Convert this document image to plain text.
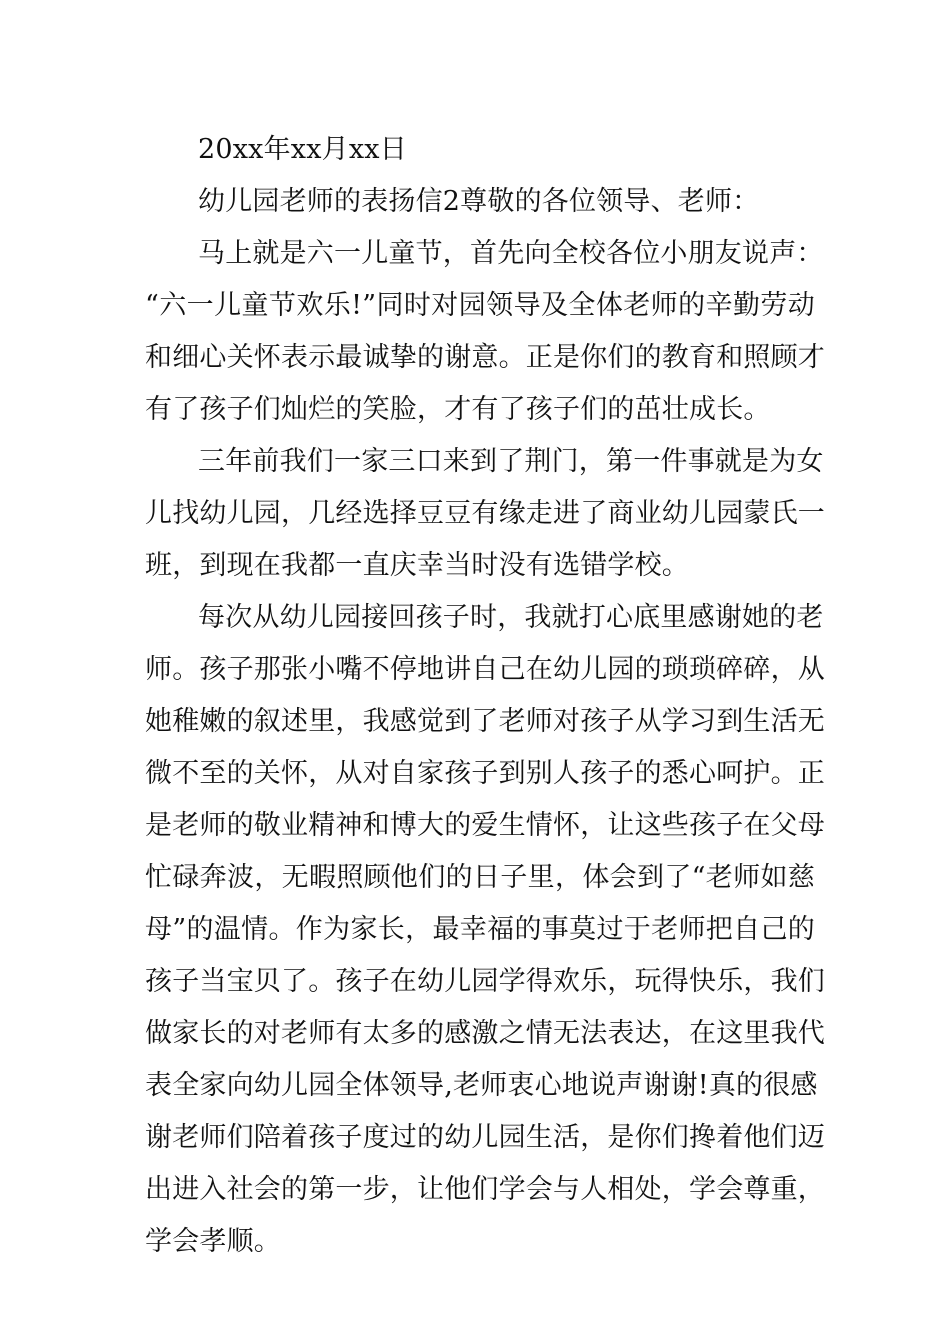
20xx年xx月xx日
幼儿园老师的表扬信2尊敬的各位领导、老师：
马上就是六一儿童节，首先向全校各位小朋友说声：
“六一儿童节欢乐!”同时对园领导及全体老师的辛勤劳动
和细心关怀表示最诚挚的谢意。正是你们的教育和照顾才
有了孩子们灿烂的笑脸，才有了孩子们的茁壮成长。
三年前我们一家三口来到了荆门，第一件事就是为女
儿找幼儿园，几经选择豆豆有缘走进了商业幼儿园蒙氏一
班，到现在我都一直庆幸当时没有选错学校。
每次从幼儿园接回孩子时，我就打心底里感谢她的老
师。孩子那张小嘴不停地讲自己在幼儿园的琐琐碎碎，从
她稚嫩的叙述里，我感觉到了老师对孩子从学习到生活无
微不至的关怀，从对自家孩子到别人孩子的悉心呵护。正
是老师的敬业精神和博大的爱生情怀，让这些孩子在父母
忙碌奔波，无暇照顾他们的日子里，体会到了“老师如慈
母”的温情。作为家长，最幸福的事莫过于老师把自己的
孩子当宝贝了。孩子在幼儿园学得欢乐，玩得快乐，我们
做家长的对老师有太多的感激之情无法表达，在这里我代
表全家向幼儿园全体领导,老师衷心地说声谢谢!真的很感
谢老师们陪着孩子度过的幼儿园生活，是你们搀着他们迈
出进入社会的第一步，让他们学会与人相处，学会尊重，
学会孝顺。
